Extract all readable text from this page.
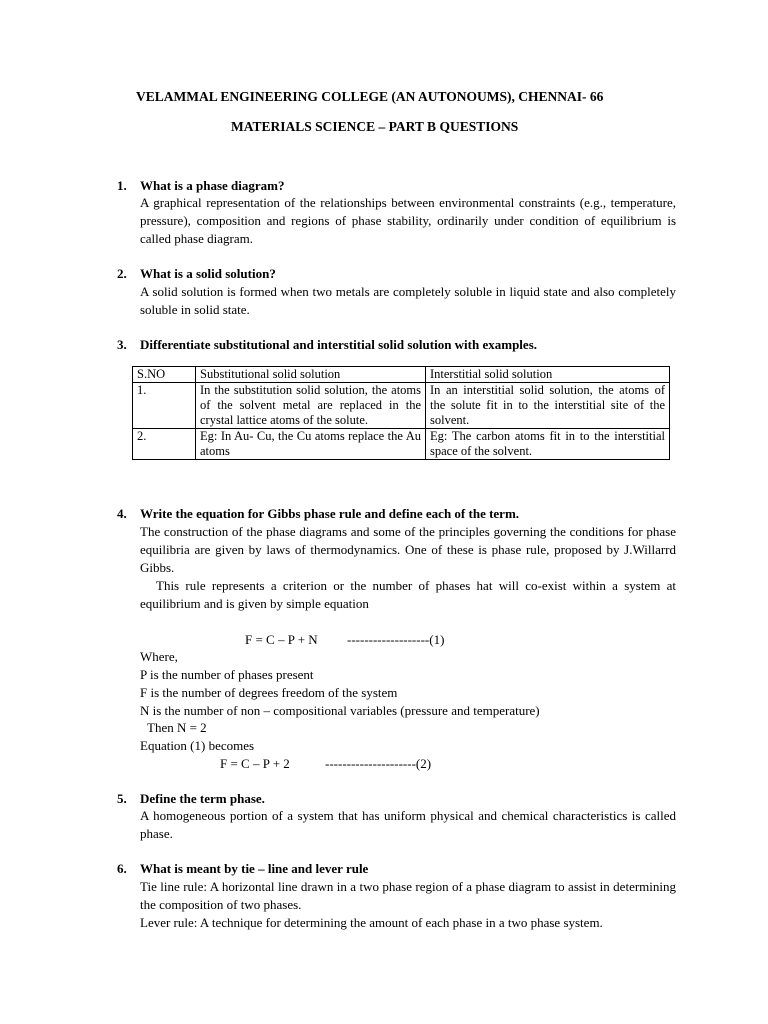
VELAMMAL ENGINEERING COLLEGE (AN AUTONOUMS), CHENNAI- 66
MATERIALS SCIENCE – PART B QUESTIONS
1. What is a phase diagram?
A graphical representation of the relationships between environmental constraints (e.g., temperature, pressure), composition and regions of phase stability, ordinarily under condition of equilibrium is called phase diagram.
2. What is a solid solution?
A solid solution is formed when two metals are completely soluble in liquid state and also completely soluble in solid state.
3. Differentiate substitutional and interstitial solid solution with examples.
S.NO	Substitutional solid solution	Interstitial solid solution
1.	In the substitution solid solution, the atoms of the solvent metal are replaced in the crystal lattice atoms of the solute.	In an interstitial solid solution, the atoms of the solute fit in to the interstitial site of the solvent.
2.	Eg: In Au- Cu, the Cu atoms replace the Au atoms	Eg: The carbon atoms fit in to the interstitial space of the solvent.
4. Write the equation for Gibbs phase rule and define each of the term.
The construction of the phase diagrams and some of the principles governing the conditions for phase equilibria are given by laws of thermodynamics. One of these is phase rule, proposed by J.Willarrd Gibbs.
This rule represents a criterion or the number of phases hat will co-exist within a system at equilibrium and is given by simple equation
F = C – P + N -------------------(1)
Where,
P is the number of phases present
F is the number of degrees freedom of the system
N is the number of non – compositional variables (pressure and temperature)
Then N = 2
Equation (1) becomes
F = C – P + 2	---------------------(2)
5. Define the term phase.
A homogeneous portion of a system that has uniform physical and chemical characteristics is called phase.
6. What is meant by tie – line and lever rule
Tie line rule: A horizontal line drawn in a two phase region of a phase diagram to assist in determining the composition of two phases.
Lever rule: A technique for determining the amount of each phase in a two phase system.
